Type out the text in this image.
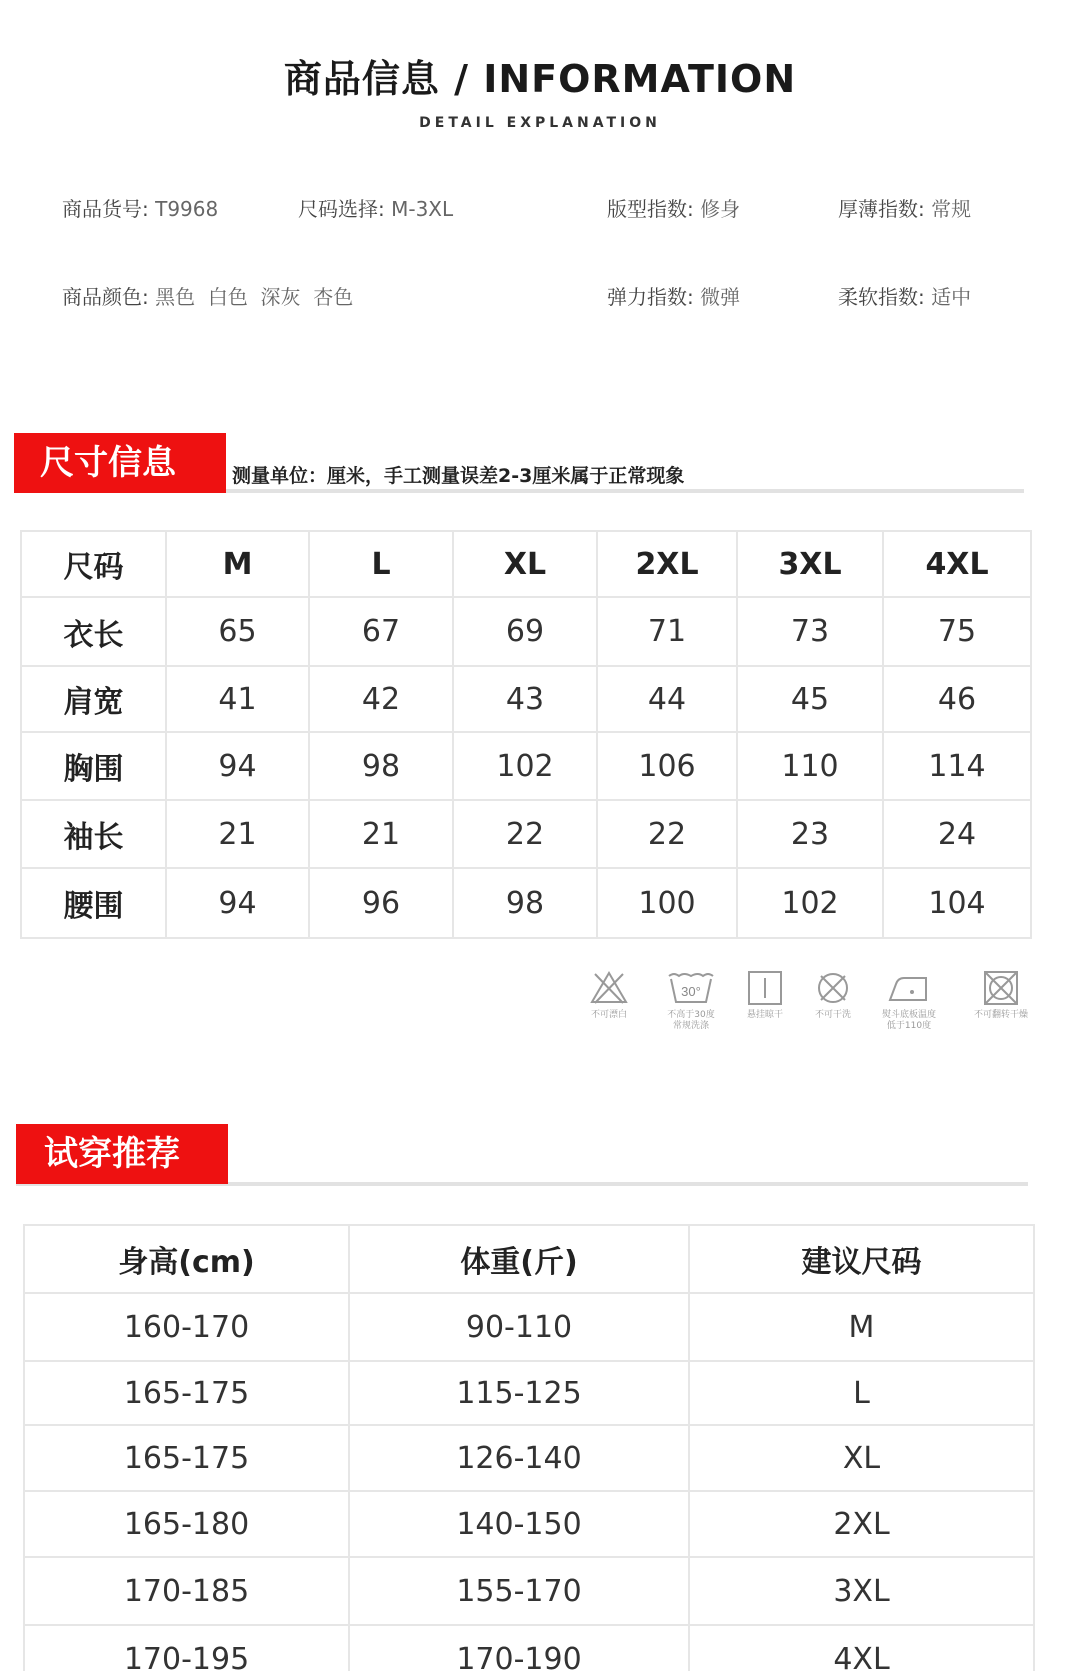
商品信息 / INFORMATION
DETAIL EXPLANATION
商品货号: T9968	尺码选择: M-3XL	版型指数: 修身	厚薄指数: 常规
商品颜色: 黑色  白色  深灰  杏色	弹力指数: 微弹	柔软指数: 适中
尺寸信息	测量单位：厘米，手工测量误差2-3厘米属于正常现象
尺码	M	L	XL	2XL	3XL	4XL
衣长	65	67	69	71	73	75
肩宽	41	42	43	44	45	46
胸围	94	98	102	106	110	114
袖长	21	21	22	22	23	24
腰围	94	96	98	100	102	104
不可漂白
30°
不高于30度
常规洗涤
悬挂晾干	不可干洗	熨斗底板温度
低于110度
不可翻转干燥
试穿推荐
身高(cm)	体重(斤)	建议尺码
160-170	90-110	M
165-175	115-125	L
165-175	126-140	XL
165-180	140-150	2XL
170-185	155-170	3XL
170-195	170-190	4XL
